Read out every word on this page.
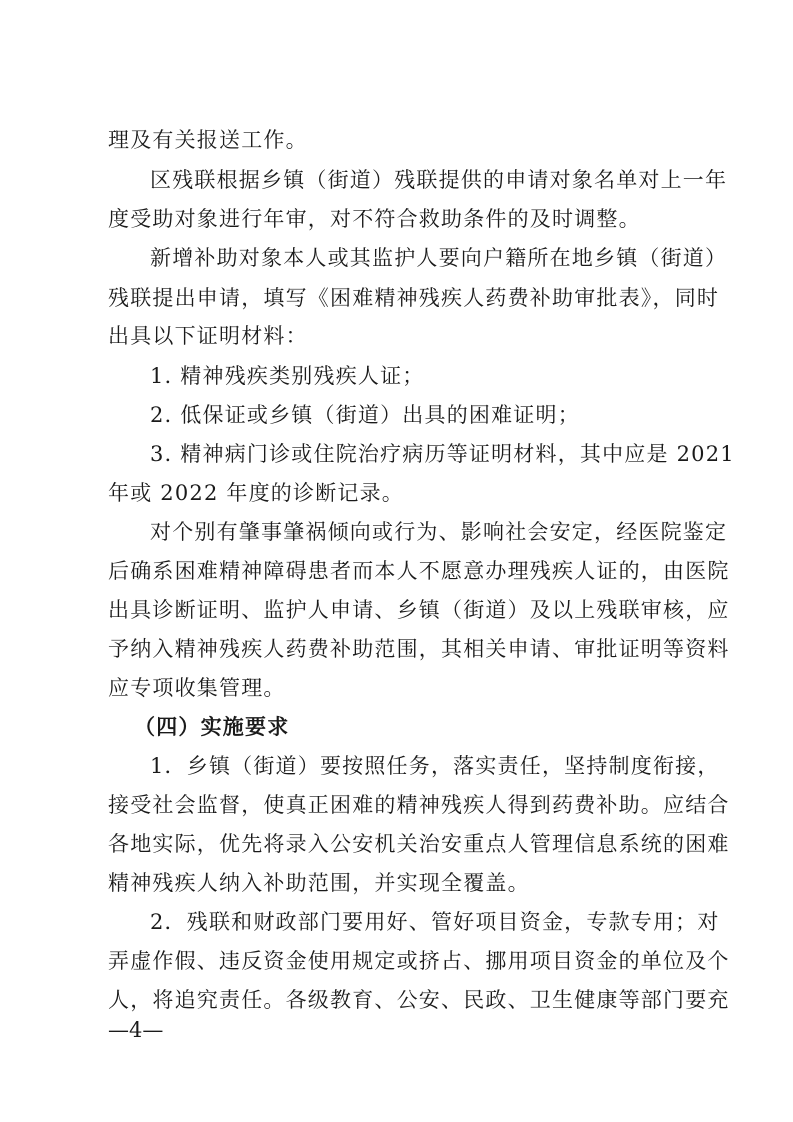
理及有关报送工作。
区残联根据乡镇（街道）残联提供的申请对象名单对上一年
度受助对象进行年审，对不符合救助条件的及时调整。
新增补助对象本人或其监护人要向户籍所在地乡镇（街道）
残联提出申请，填写《困难精神残疾人药费补助审批表》，同时
出具以下证明材料：
1. 精神残疾类别残疾人证；
2. 低保证或乡镇（街道）出具的困难证明；
3. 精神病门诊或住院治疗病历等证明材料，其中应是 2021
年或 2022 年度的诊断记录。
对个别有肇事肇祸倾向或行为、影响社会安定，经医院鉴定
后确系困难精神障碍患者而本人不愿意办理残疾人证的，由医院
出具诊断证明、监护人申请、乡镇（街道）及以上残联审核，应
予纳入精神残疾人药费补助范围，其相关申请、审批证明等资料
应专项收集管理。
（四）实施要求
1．乡镇（街道）要按照任务，落实责任，坚持制度衔接，
接受社会监督，使真正困难的精神残疾人得到药费补助。应结合
各地实际，优先将录入公安机关治安重点人管理信息系统的困难
精神残疾人纳入补助范围，并实现全覆盖。
2．残联和财政部门要用好、管好项目资金，专款专用；对
弄虚作假、违反资金使用规定或挤占、挪用项目资金的单位及个
人，将追究责任。各级教育、公安、民政、卫生健康等部门要充
—4—
